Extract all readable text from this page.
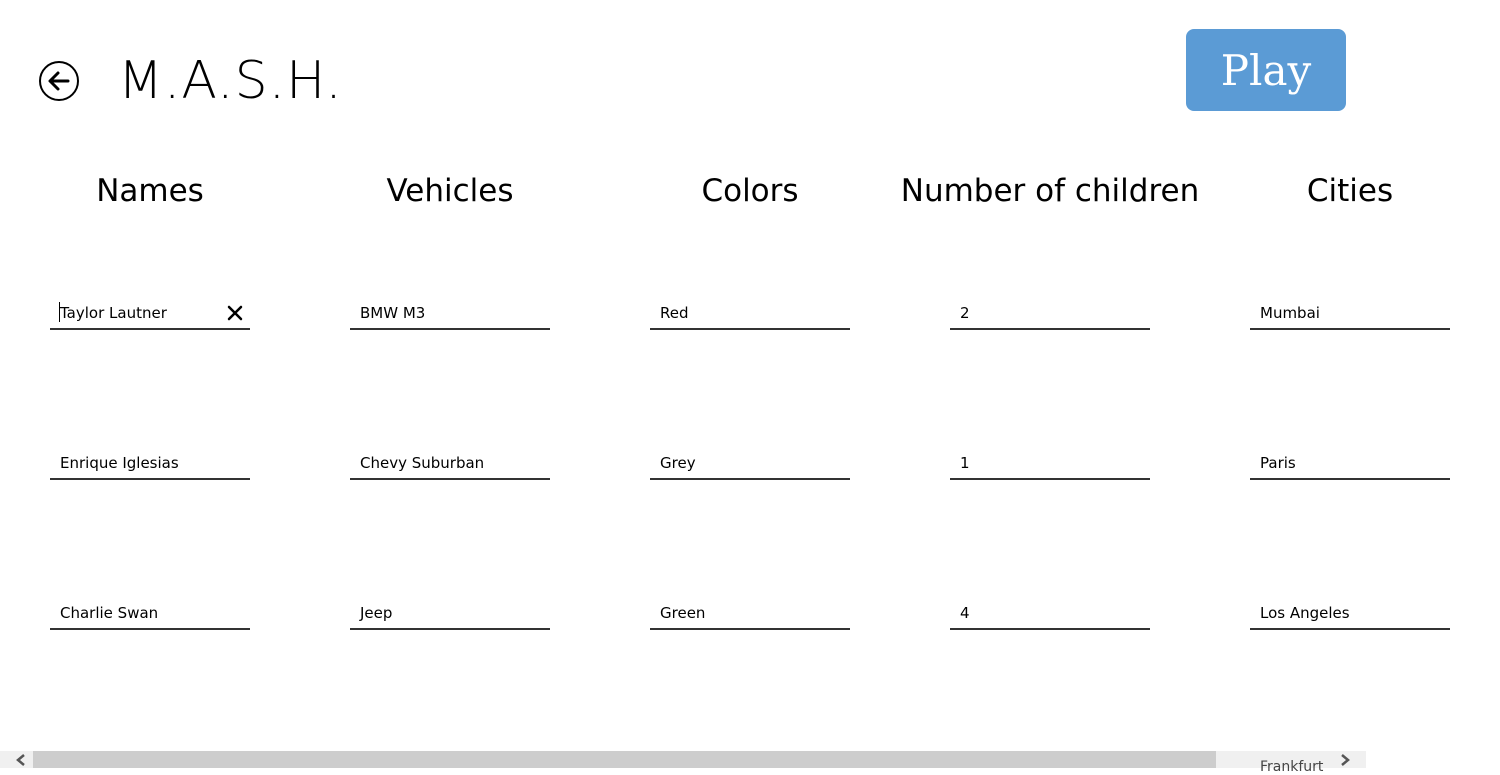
M.A.S.H.	Play
Names
Taylor Lautner
Enrique Iglesias
Charlie Swan
Vehicles
BMW M3
Chevy Suburban
Jeep
Colors
Red
Grey
Green
Number of children
2
1
4
Cities
Mumbai
Paris
Los Angeles
Frankfurt
